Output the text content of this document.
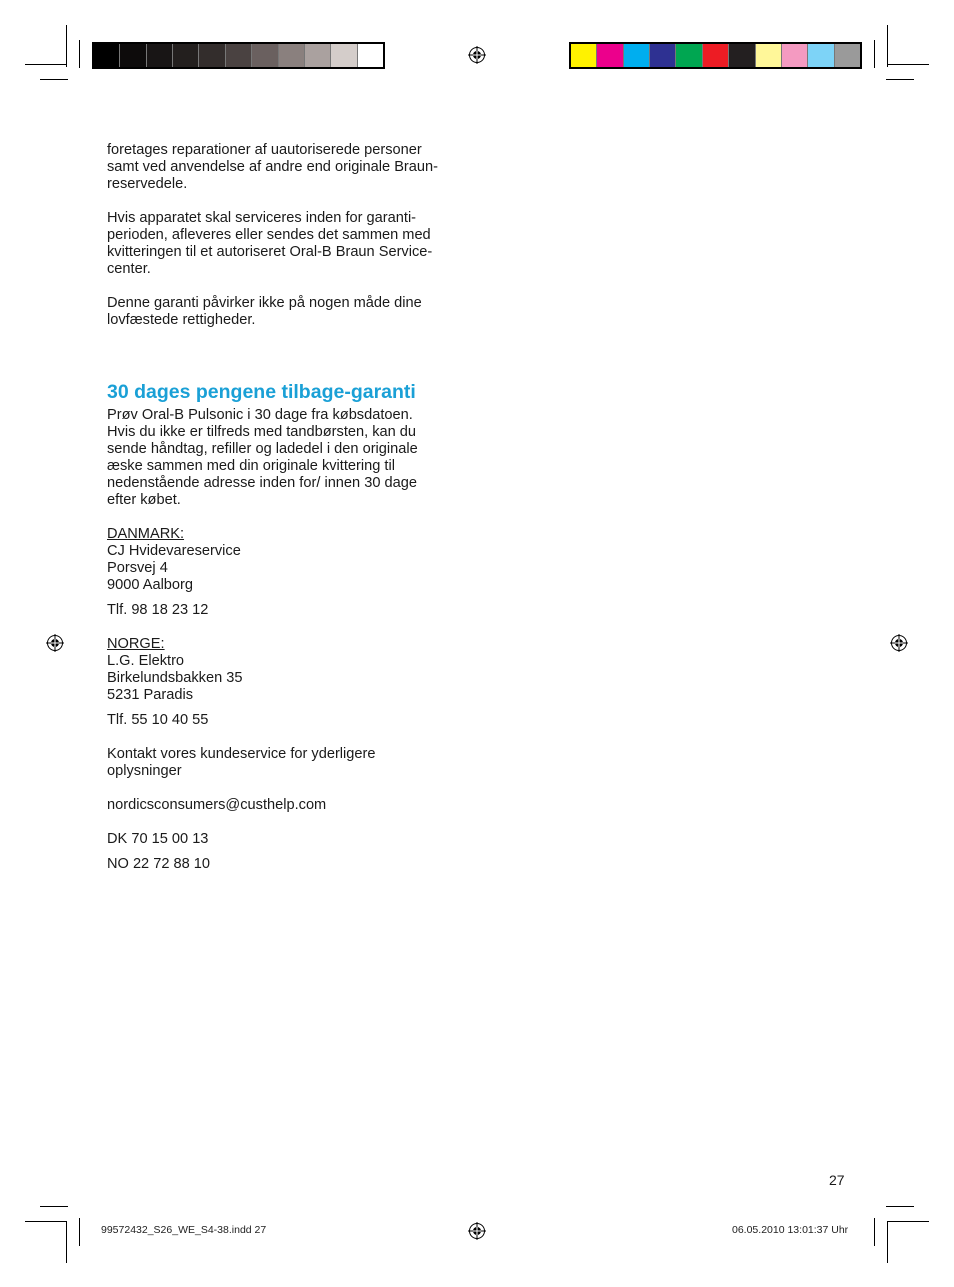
foretages reparationer af uautoriserede personer
samt ved anvendelse af andre end originale Braun-
reservedele.

Hvis apparatet skal serviceres inden for garanti-
perioden, afleveres eller sendes det sammen med
kvitteringen til et autoriseret Oral-B Braun Service-
center.

Denne garanti påvirker ikke på nogen måde dine
lovfæstede rettigheder.

30 dages pengene tilbage-garanti

Prøv Oral-B Pulsonic i 30 dage fra købsdatoen.
Hvis du ikke er tilfreds med tandbørsten, kan du
sende håndtag, refiller og ladedel i den originale
æske sammen med din originale kvittering til
nedenstående adresse inden for/ innen 30 dage
efter købet.

DANMARK:
CJ Hvidevareservice
Porsvej 4
9000 Aalborg

Tlf. 98 18 23 12

NORGE:
L.G. Elektro
Birkelundsbakken 35
5231 Paradis

Tlf. 55 10 40 55

Kontakt vores kundeservice for yderligere
oplysninger

nordicsconsumers@custhelp.com

DK 70 15 00 13

NO 22 72 88 10

27
99572432_S26_WE_S4-38.indd 27	06.05.2010 13:01:37 Uhr
